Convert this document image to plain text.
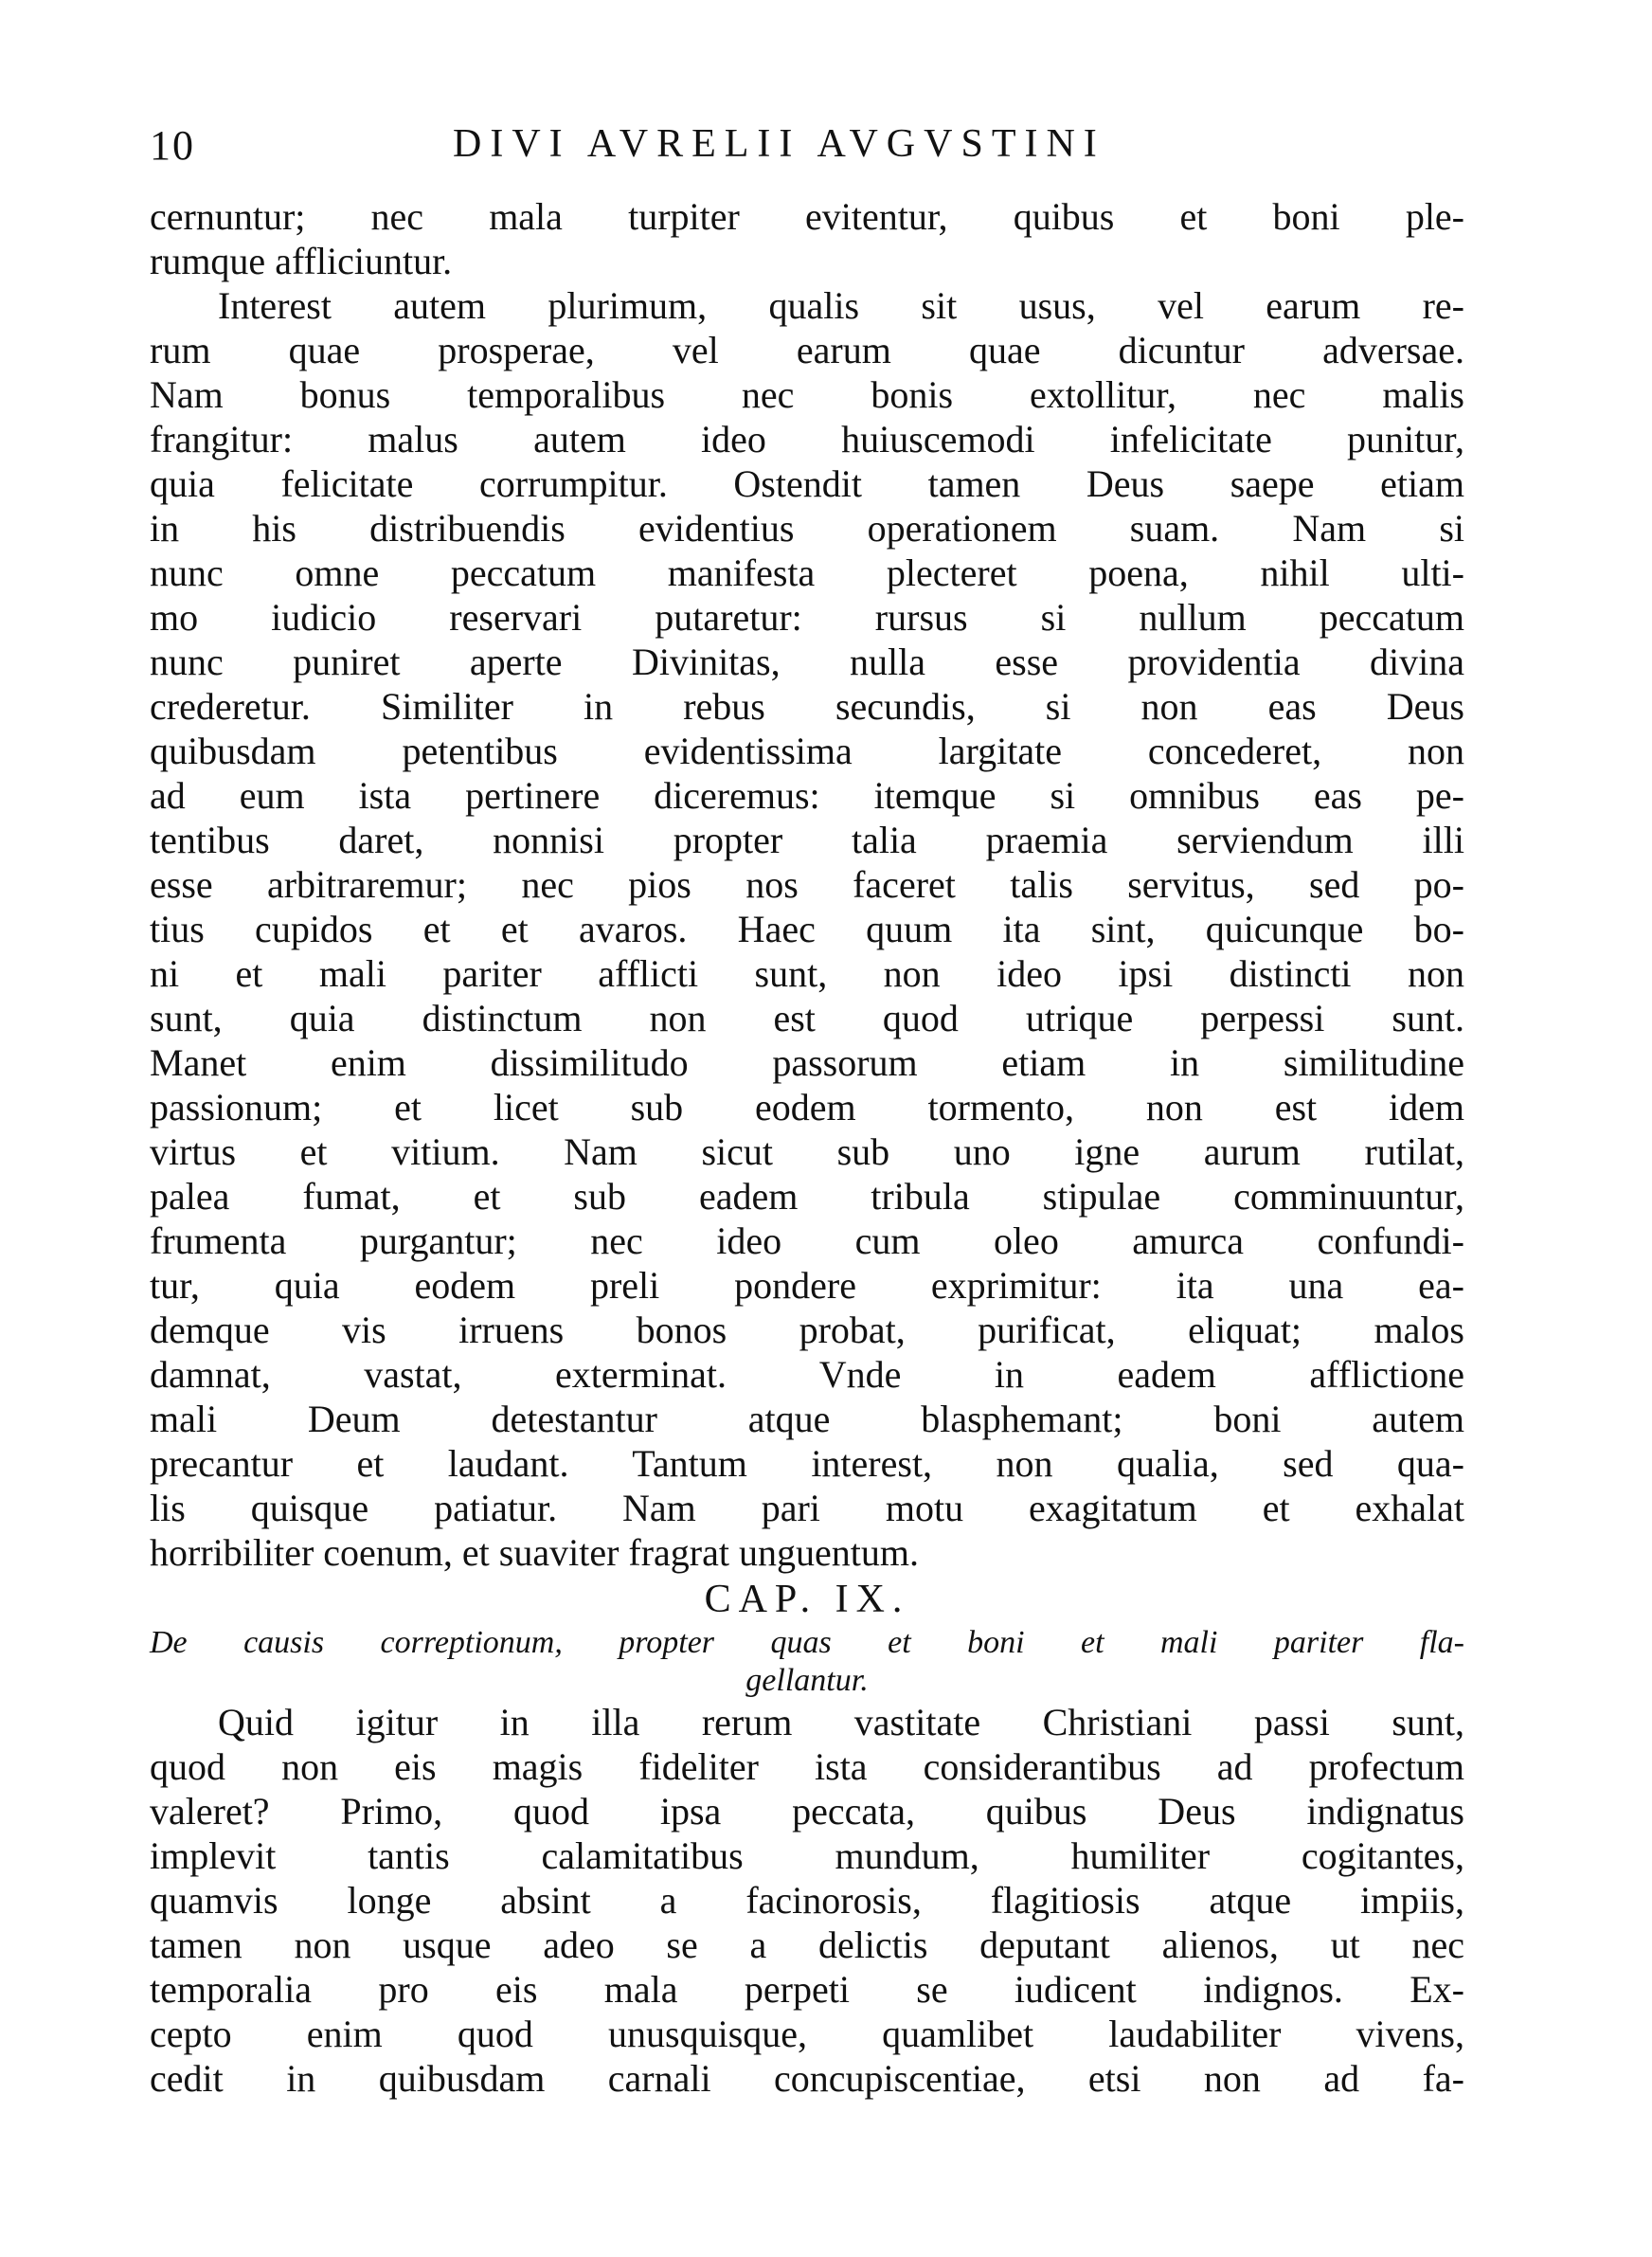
10	DIVI AVRELII AVGVSTINI
cernuntur; nec mala turpiter evitentur, quibus et boni ple-
rumque affliciuntur.
Interest autem plurimum, qualis sit usus, vel earum re-
rum quae prosperae, vel earum quae dicuntur adversae.
Nam bonus temporalibus nec bonis extollitur, nec malis
frangitur: malus autem ideo huiuscemodi infelicitate punitur,
quia felicitate corrumpitur. Ostendit tamen Deus saepe etiam
in his distribuendis evidentius operationem suam. Nam si
nunc omne peccatum manifesta plecteret poena, nihil ulti-
mo iudicio reservari putaretur: rursus si nullum peccatum
nunc puniret aperte Divinitas, nulla esse providentia divina
crederetur. Similiter in rebus secundis, si non eas Deus
quibusdam petentibus evidentissima largitate concederet, non
ad eum ista pertinere diceremus: itemque si omnibus eas pe-
tentibus daret, nonnisi propter talia praemia serviendum illi
esse arbitraremur; nec pios nos faceret talis servitus, sed po-
tius cupidos et et avaros. Haec quum ita sint, quicunque bo-
ni et mali pariter afflicti sunt, non ideo ipsi distincti non
sunt, quia distinctum non est quod utrique perpessi sunt.
Manet enim dissimilitudo passorum etiam in similitudine
passionum; et licet sub eodem tormento, non est idem
virtus et vitium. Nam sicut sub uno igne aurum rutilat,
palea fumat, et sub eadem tribula stipulae comminuuntur,
frumenta purgantur; nec ideo cum oleo amurca confundi-
tur, quia eodem preli pondere exprimitur: ita una ea-
demque vis irruens bonos probat, purificat, eliquat; malos
damnat, vastat, exterminat. Vnde in eadem afflictione
mali Deum detestantur atque blasphemant; boni autem
precantur et laudant. Tantum interest, non qualia, sed qua-
lis quisque patiatur. Nam pari motu exagitatum et exhalat
horribiliter coenum, et suaviter fragrat unguentum.
CAP. IX.
De causis correptionum, propter quas et boni et mali pariter fla-
gellantur.
Quid igitur in illa rerum vastitate Christiani passi sunt,
quod non eis magis fideliter ista considerantibus ad profectum
valeret? Primo, quod ipsa peccata, quibus Deus indignatus
implevit tantis calamitatibus mundum, humiliter cogitantes,
quamvis longe absint a facinorosis, flagitiosis atque impiis,
tamen non usque adeo se a delictis deputant alienos, ut nec
temporalia pro eis mala perpeti se iudicent indignos. Ex-
cepto enim quod unusquisque, quamlibet laudabiliter vivens,
cedit in quibusdam carnali concupiscentiae, etsi non ad fa-
